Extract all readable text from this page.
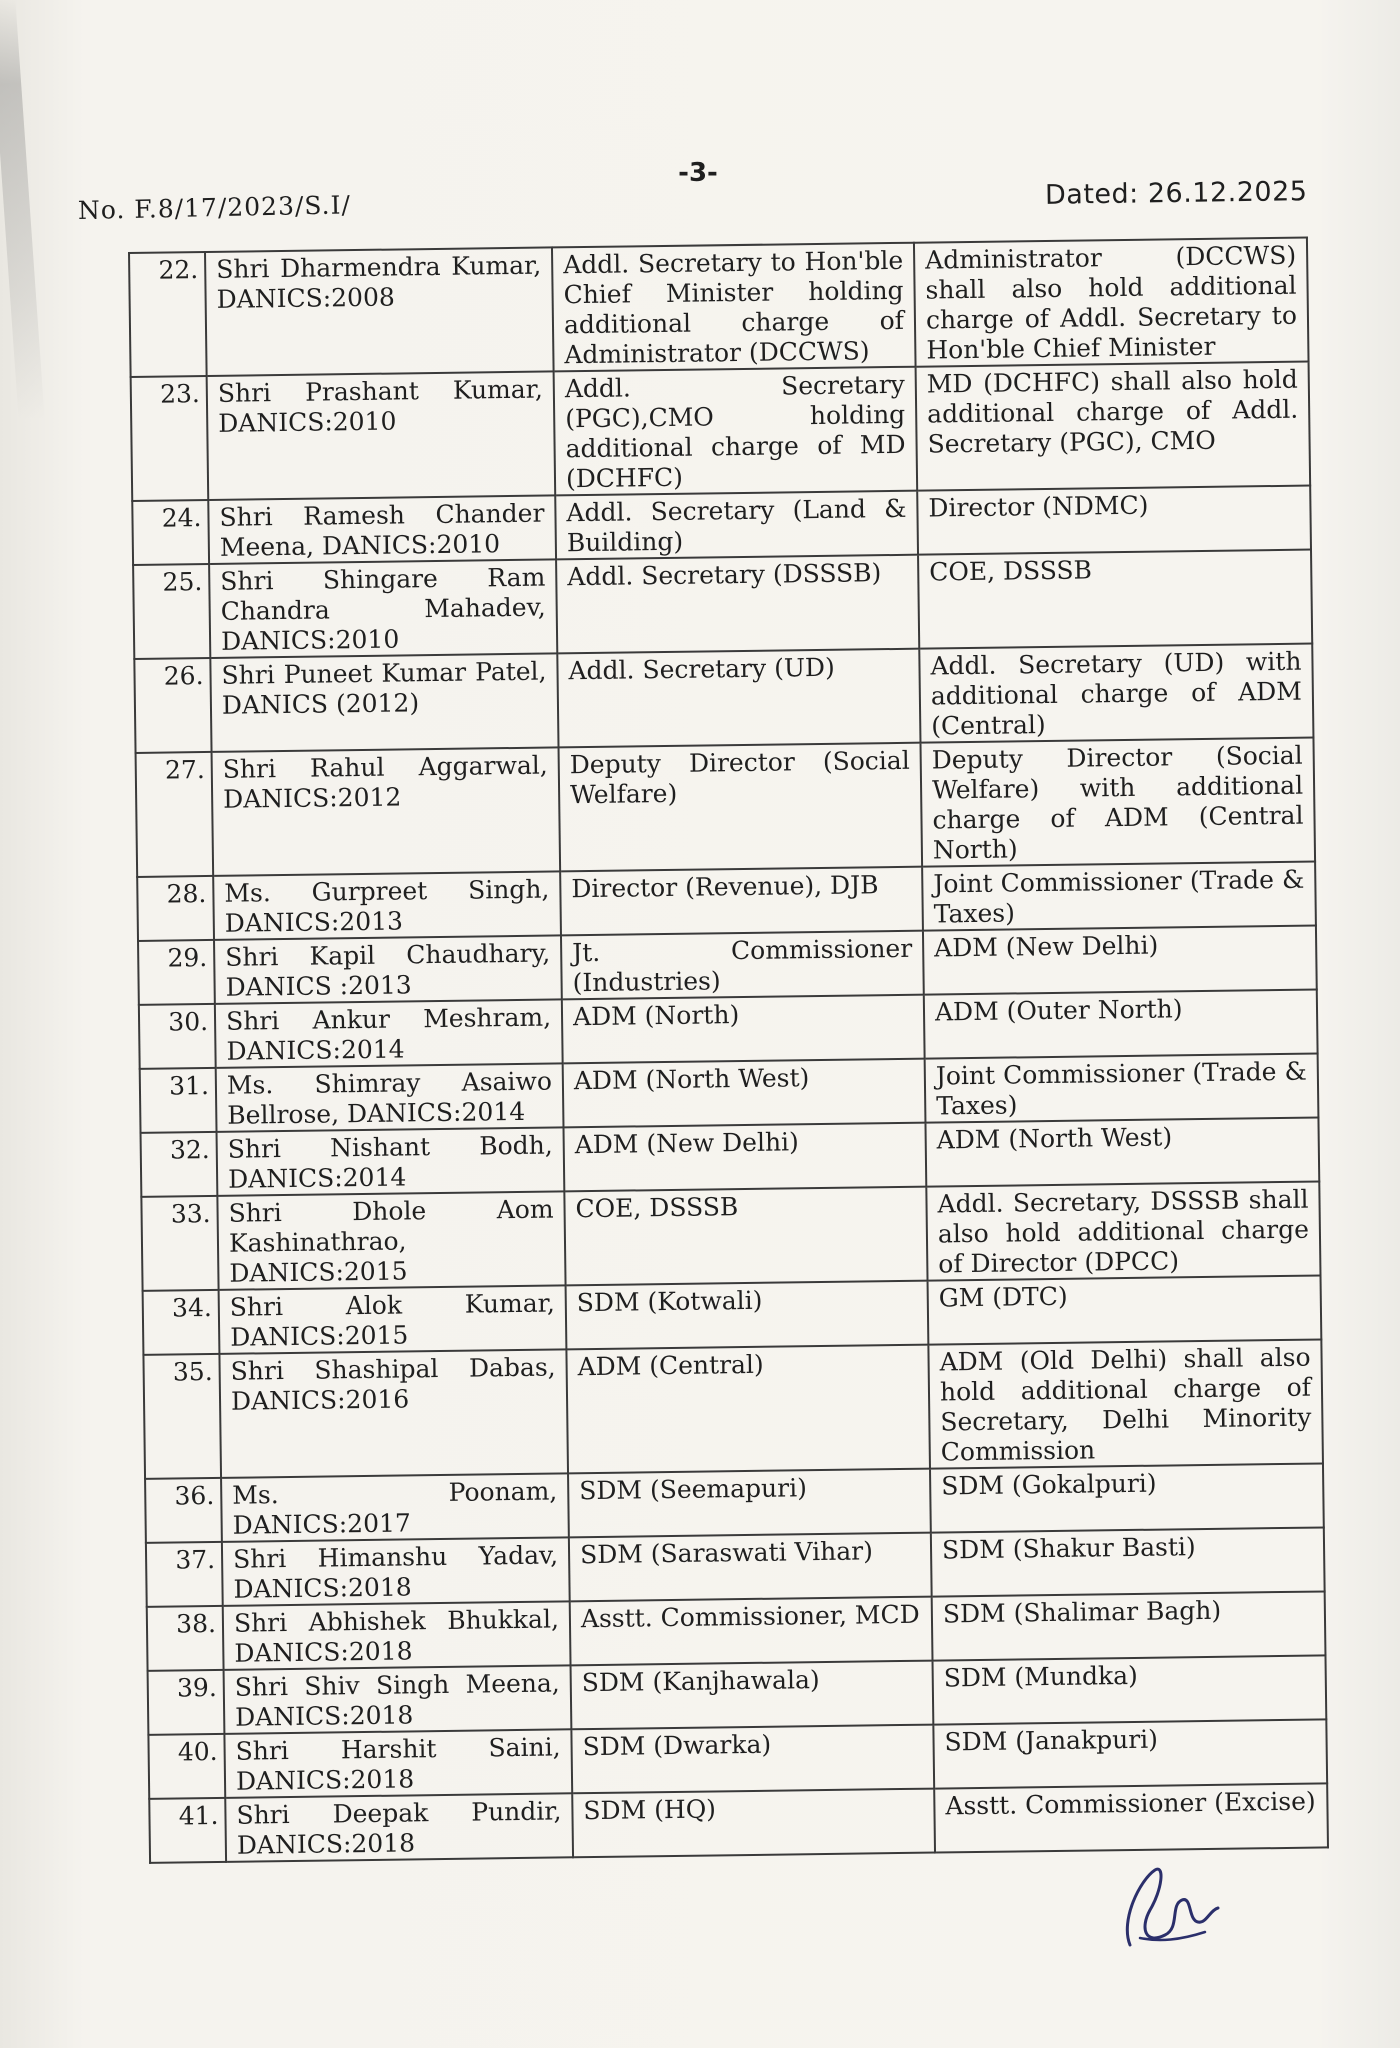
-3-
No. F.8/17/2023/S.I/	Dated: 26.12.2025
22.	Shri Dharmendra Kumar, DANICS:2008	Addl. Secretary to Hon'ble Chief Minister holding additional charge of Administrator (DCCWS)	Administrator (DCCWS) shall also hold additional charge of Addl. Secretary to Hon'ble Chief Minister
23.	Shri Prashant Kumar, DANICS:2010	Addl. Secretary (PGC),CMO holding additional charge of MD (DCHFC)	MD (DCHFC) shall also hold additional charge of Addl. Secretary (PGC), CMO
24.	Shri Ramesh Chander Meena, DANICS:2010	Addl. Secretary (Land & Building)	Director (NDMC)
25.	Shri Shingare Ram Chandra Mahadev, DANICS:2010	Addl. Secretary (DSSSB)	COE, DSSSB
26.	Shri Puneet Kumar Patel, DANICS (2012)	Addl. Secretary (UD)	Addl. Secretary (UD) with additional charge of ADM (Central)
27.	Shri Rahul Aggarwal, DANICS:2012	Deputy Director (Social Welfare)	Deputy Director (Social Welfare) with additional charge of ADM (Central North)
28.	Ms. Gurpreet Singh, DANICS:2013	Director (Revenue), DJB	Joint Commissioner (Trade & Taxes)
29.	Shri Kapil Chaudhary, DANICS :2013	Jt. Commissioner (Industries)	ADM (New Delhi)
30.	Shri Ankur Meshram, DANICS:2014	ADM (North)	ADM (Outer North)
31.	Ms. Shimray Asaiwo Bellrose, DANICS:2014	ADM (North West)	Joint Commissioner (Trade & Taxes)
32.	Shri Nishant Bodh, DANICS:2014	ADM (New Delhi)	ADM (North West)
33.	Shri Dhole Aom Kashinathrao, DANICS:2015	COE, DSSSB	Addl. Secretary, DSSSB shall also hold additional charge of Director (DPCC)
34.	Shri Alok Kumar, DANICS:2015	SDM (Kotwali)	GM (DTC)
35.	Shri Shashipal Dabas, DANICS:2016	ADM (Central)	ADM (Old Delhi) shall also hold additional charge of Secretary, Delhi Minority Commission
36.	Ms. Poonam, DANICS:2017	SDM (Seemapuri)	SDM (Gokalpuri)
37.	Shri Himanshu Yadav, DANICS:2018	SDM (Saraswati Vihar)	SDM (Shakur Basti)
38.	Shri Abhishek Bhukkal, DANICS:2018	Asstt. Commissioner, MCD	SDM (Shalimar Bagh)
39.	Shri Shiv Singh Meena, DANICS:2018	SDM (Kanjhawala)	SDM (Mundka)
40.	Shri Harshit Saini, DANICS:2018	SDM (Dwarka)	SDM (Janakpuri)
41.	Shri Deepak Pundir, DANICS:2018	SDM (HQ)	Asstt. Commissioner (Excise)
